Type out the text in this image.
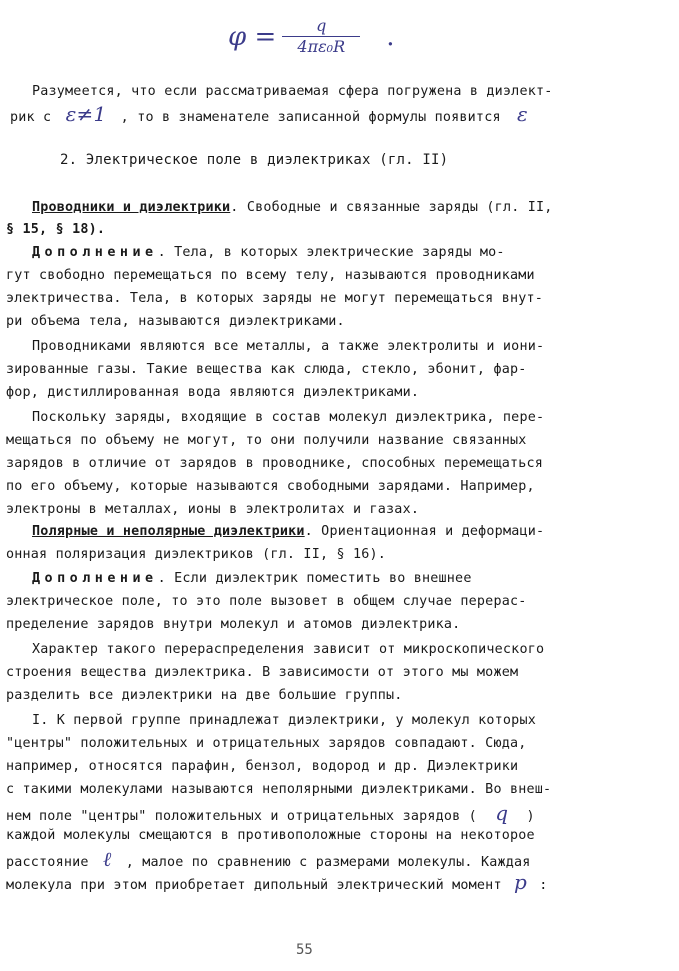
$\varphi = \frac{q}{\text{4πε₀R}}$ .
Разумеется, что если рассматриваемая сфера погружена в диэлект-
рик с ε≠1 , то в знаменателе записанной формулы появится ε
2. Электрическое поле в диэлектриках (гл. II)
Проводники и диэлектрики. Свободные и связанные заряды (гл. II,
§ 15, § 18).
Дополнение. Тела, в которых электрические заряды мо-
гут свободно перемещаться по всему телу, называются проводниками
электричества. Тела, в которых заряды не могут перемещаться внут-
ри объема тела, называются диэлектриками.
Проводниками являются все металлы, а также электролиты и иони-
зированные газы. Такие вещества как слюда, стекло, эбонит, фар-
фор, дистиллированная вода являются диэлектриками.
Поскольку заряды, входящие в состав молекул диэлектрика, пере-
мещаться по объему не могут, то они получили название связанных
зарядов в отличие от зарядов в проводнике, способных перемещаться
по его объему, которые называются свободными зарядами. Например,
электроны в металлах, ионы в электролитах и газах.
Полярные и неполярные диэлектрики. Ориентационная и деформаци-
онная поляризация диэлектриков (гл. II, § 16).
Дополнение. Если диэлектрик поместить во внешнее
электрическое поле, то это поле вызовет в общем случае перерас-
пределение зарядов внутри молекул и атомов диэлектрика.
Характер такого перераспределения зависит от микроскопического
строения вещества диэлектрика. В зависимости от этого мы можем
разделить все диэлектрики на две большие группы.
I. К первой группе принадлежат диэлектрики, у молекул которых
"центры" положительных и отрицательных зарядов совпадают. Сюда,
например, относятся парафин, бензол, водород и др. Диэлектрики
с такими молекулами называются неполярными диэлектриками. Во внеш-
нем поле "центры" положительных и отрицательных зарядов ( q )
каждой молекулы смещаются в противоположные стороны на некоторое
расстояние ℓ , малое по сравнению с размерами молекулы. Каждая
молекула при этом приобретает дипольный электрический момент p :
55
